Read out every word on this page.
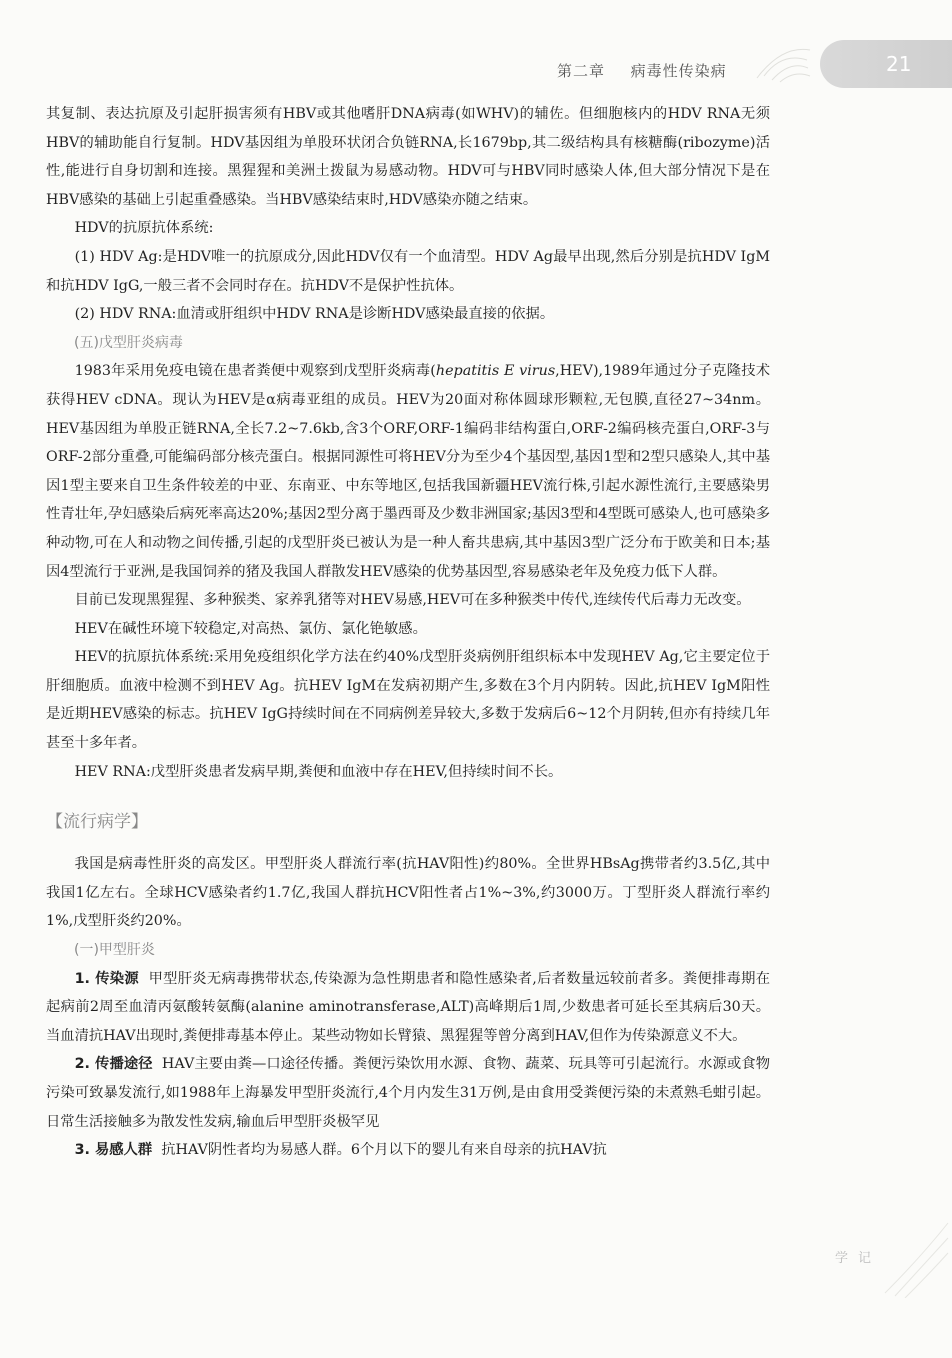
第二章 病毒性传染病	21

其复制、表达抗原及引起肝损害须有HBV或其他嗜肝DNA病毒(如WHV)的辅佐。但细胞核内的HDV RNA无须HBV的辅助能自行复制。HDV基因组为单股环状闭合负链RNA,长1679bp,其二级结构具有核糖酶(ribozyme)活性,能进行自身切割和连接。黑猩猩和美洲土拨鼠为易感动物。HDV可与HBV同时感染人体,但大部分情况下是在HBV感染的基础上引起重叠感染。当HBV感染结束时,HDV感染亦随之结束。

HDV的抗原抗体系统:

(1) HDV Ag:是HDV唯一的抗原成分,因此HDV仅有一个血清型。HDV Ag最早出现,然后分别是抗HDV IgM和抗HDV IgG,一般三者不会同时存在。抗HDV不是保护性抗体。

(2) HDV RNA:血清或肝组织中HDV RNA是诊断HDV感染最直接的依据。

(五)戊型肝炎病毒

1983年采用免疫电镜在患者粪便中观察到戊型肝炎病毒(hepatitis E virus,HEV),1989年通过分子克隆技术获得HEV cDNA。现认为HEV是α病毒亚组的成员。HEV为20面对称体圆球形颗粒,无包膜,直径27~34nm。HEV基因组为单股正链RNA,全长7.2~7.6kb,含3个ORF,ORF-1编码非结构蛋白,ORF-2编码核壳蛋白,ORF-3与ORF-2部分重叠,可能编码部分核壳蛋白。根据同源性可将HEV分为至少4个基因型,基因1型和2型只感染人,其中基因1型主要来自卫生条件较差的中亚、东南亚、中东等地区,包括我国新疆HEV流行株,引起水源性流行,主要感染男性青壮年,孕妇感染后病死率高达20%;基因2型分离于墨西哥及少数非洲国家;基因3型和4型既可感染人,也可感染多种动物,可在人和动物之间传播,引起的戊型肝炎已被认为是一种人畜共患病,其中基因3型广泛分布于欧美和日本;基因4型流行于亚洲,是我国饲养的猪及我国人群散发HEV感染的优势基因型,容易感染老年及免疫力低下人群。

目前已发现黑猩猩、多种猴类、家养乳猪等对HEV易感,HEV可在多种猴类中传代,连续传代后毒力无改变。

HEV在碱性环境下较稳定,对高热、氯仿、氯化铯敏感。

HEV的抗原抗体系统:采用免疫组织化学方法在约40%戊型肝炎病例肝组织标本中发现HEV Ag,它主要定位于肝细胞质。血液中检测不到HEV Ag。抗HEV IgM在发病初期产生,多数在3个月内阴转。因此,抗HEV IgM阳性是近期HEV感染的标志。抗HEV IgG持续时间在不同病例差异较大,多数于发病后6~12个月阴转,但亦有持续几年甚至十多年者。

HEV RNA:戊型肝炎患者发病早期,粪便和血液中存在HEV,但持续时间不长。

【流行病学】

我国是病毒性肝炎的高发区。甲型肝炎人群流行率(抗HAV阳性)约80%。全世界HBsAg携带者约3.5亿,其中我国1亿左右。全球HCV感染者约1.7亿,我国人群抗HCV阳性者占1%~3%,约3000万。丁型肝炎人群流行率约1%,戊型肝炎约20%。

(一)甲型肝炎

1. 传染源 甲型肝炎无病毒携带状态,传染源为急性期患者和隐性感染者,后者数量远较前者多。粪便排毒期在起病前2周至血清丙氨酸转氨酶(alanine aminotransferase,ALT)高峰期后1周,少数患者可延长至其病后30天。当血清抗HAV出现时,粪便排毒基本停止。某些动物如长臂猿、黑猩猩等曾分离到HAV,但作为传染源意义不大。

2. 传播途径 HAV主要由粪—口途径传播。粪便污染饮用水源、食物、蔬菜、玩具等可引起流行。水源或食物污染可致暴发流行,如1988年上海暴发甲型肝炎流行,4个月内发生31万例,是由食用受粪便污染的未煮熟毛蚶引起。日常生活接触多为散发性发病,输血后甲型肝炎极罕见

3. 易感人群 抗HAV阴性者均为易感人群。6个月以下的婴儿有来自母亲的抗HAV抗

学记
